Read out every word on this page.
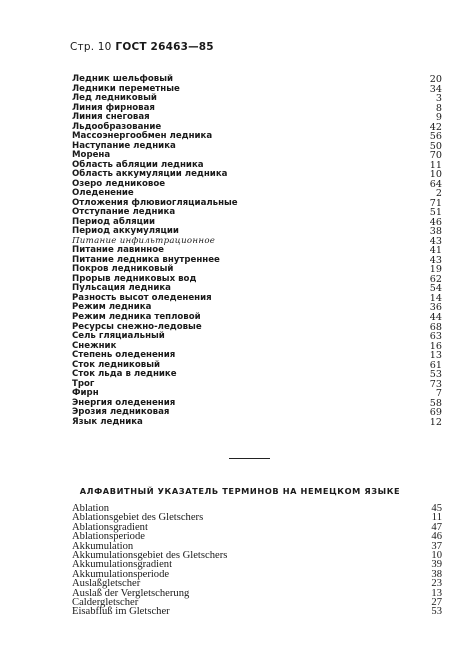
Стр. 10 ГОСТ 26463—85
Ледник шельфовый	20
Ледники переметные	34
Лед ледниковый	3
Линия фирновая	8
Линия снеговая	9
Льдообразование	42
Массоэнергообмен ледника	56
Наступание ледника	50
Морена	70
Область абляции ледника	11
Область аккумуляции ледника	10
Озеро ледниковое	64
Оледенение	2
Отложения флювиогляциальные	71
Отступание ледника	51
Период абляции	46
Период аккумуляции	38
Питание инфильтрационное	43
Питание лавинное	41
Питание ледника внутреннее	43
Покров ледниковый	19
Прорыв ледниковых вод	62
Пульсация ледника	54
Разность высот оледенения	14
Режим ледника	36
Режим ледника тепловой	44
Ресурсы снежно-ледовые	68
Сель гляциальный	63
Снежник	16
Степень оледенения	13
Сток ледниковый	61
Сток льда в леднике	53
Трог	73
Фирн	7
Энергия оледенения	58
Эрозия ледниковая	69
Язык ледника	12
АЛФАВИТНЫЙ УКАЗАТЕЛЬ ТЕРМИНОВ НА НЕМЕЦКОМ ЯЗЫКЕ
Ablation	45
Ablationsgebiet des Gletschers	11
Ablationsgradient	47
Ablationsperiode	46
Akkumulation	37
Akkumulationsgebiet des Gletschers	10
Akkumulationsgradient	39
Akkumulationsperiode	38
Auslaßgletscher	23
Auslaß der Vergletscherung	13
Caldergletscher	27
Eisabfluß im Gletscher	53
